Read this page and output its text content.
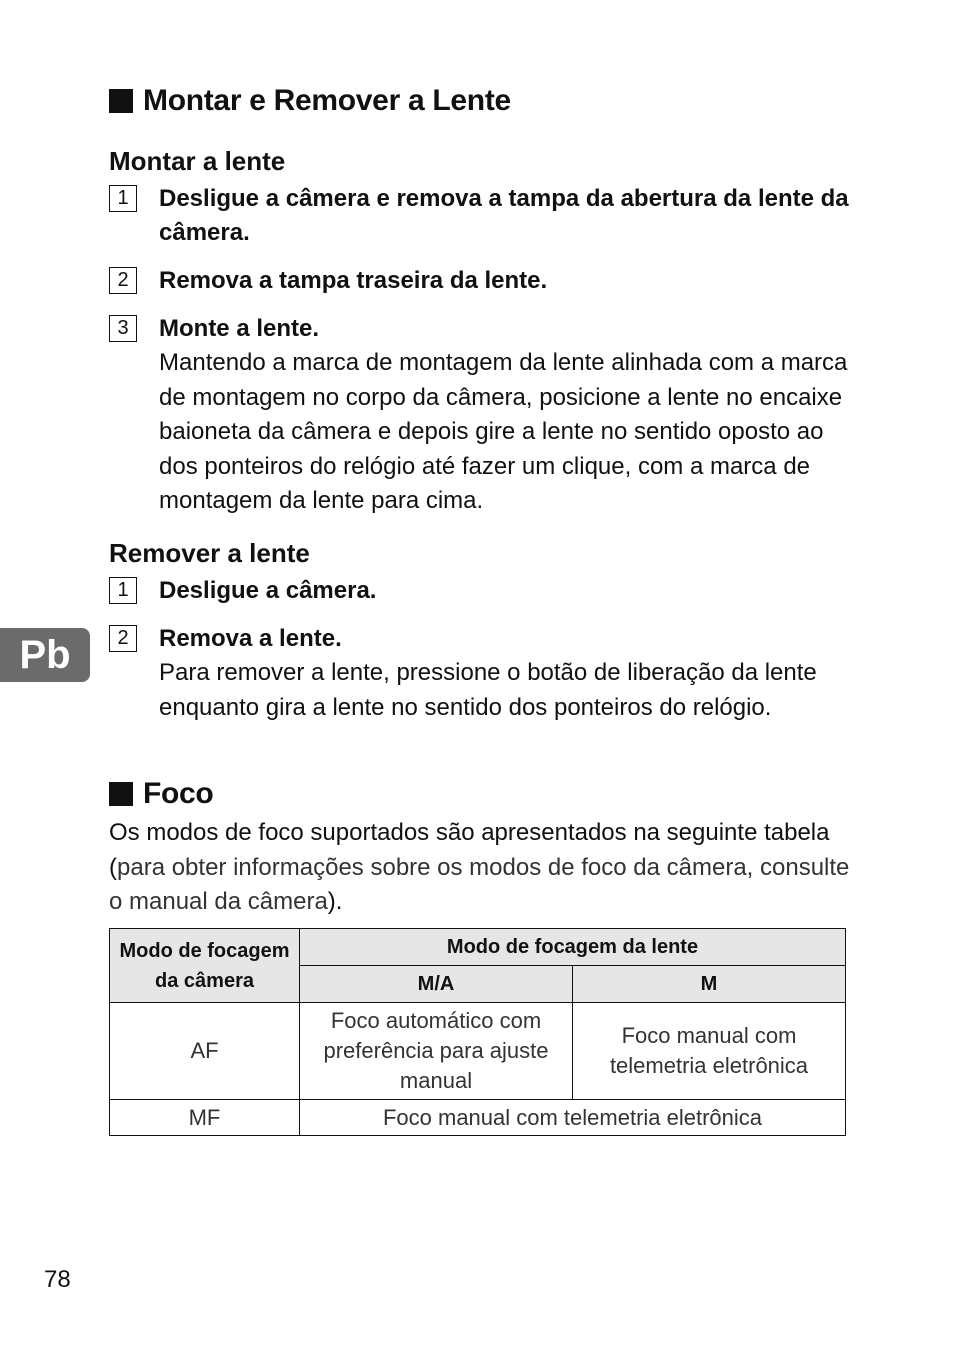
Montar e Remover a Lente
Montar a lente
1	Desligue a câmera e remova a tampa da abertura da lente da câmera.
2	Remova a tampa traseira da lente.
3	Monte a lente.
Mantendo a marca de montagem da lente alinhada com a marca de montagem no corpo da câmera, posicione a lente no encaixe baioneta da câmera e depois gire a lente no sentido oposto ao dos ponteiros do relógio até fazer um clique, com a marca de montagem da lente para cima.
Remover a lente
1	Desligue a câmera.
2	Remova a lente.
Para remover a lente, pressione o botão de liberação da lente enquanto gira a lente no sentido dos ponteiros do relógio.
Pb
Foco
Os modos de foco suportados são apresentados na seguinte tabela (para obter informações sobre os modos de foco da câmera, consulte o manual da câmera).
Modo de focagem da câmera	Modo de focagem da lente	
	M/A	M
AF	Foco automático com preferência para ajuste manual	Foco manual com telemetria eletrônica
MF	Foco manual com telemetria eletrônica	
78
